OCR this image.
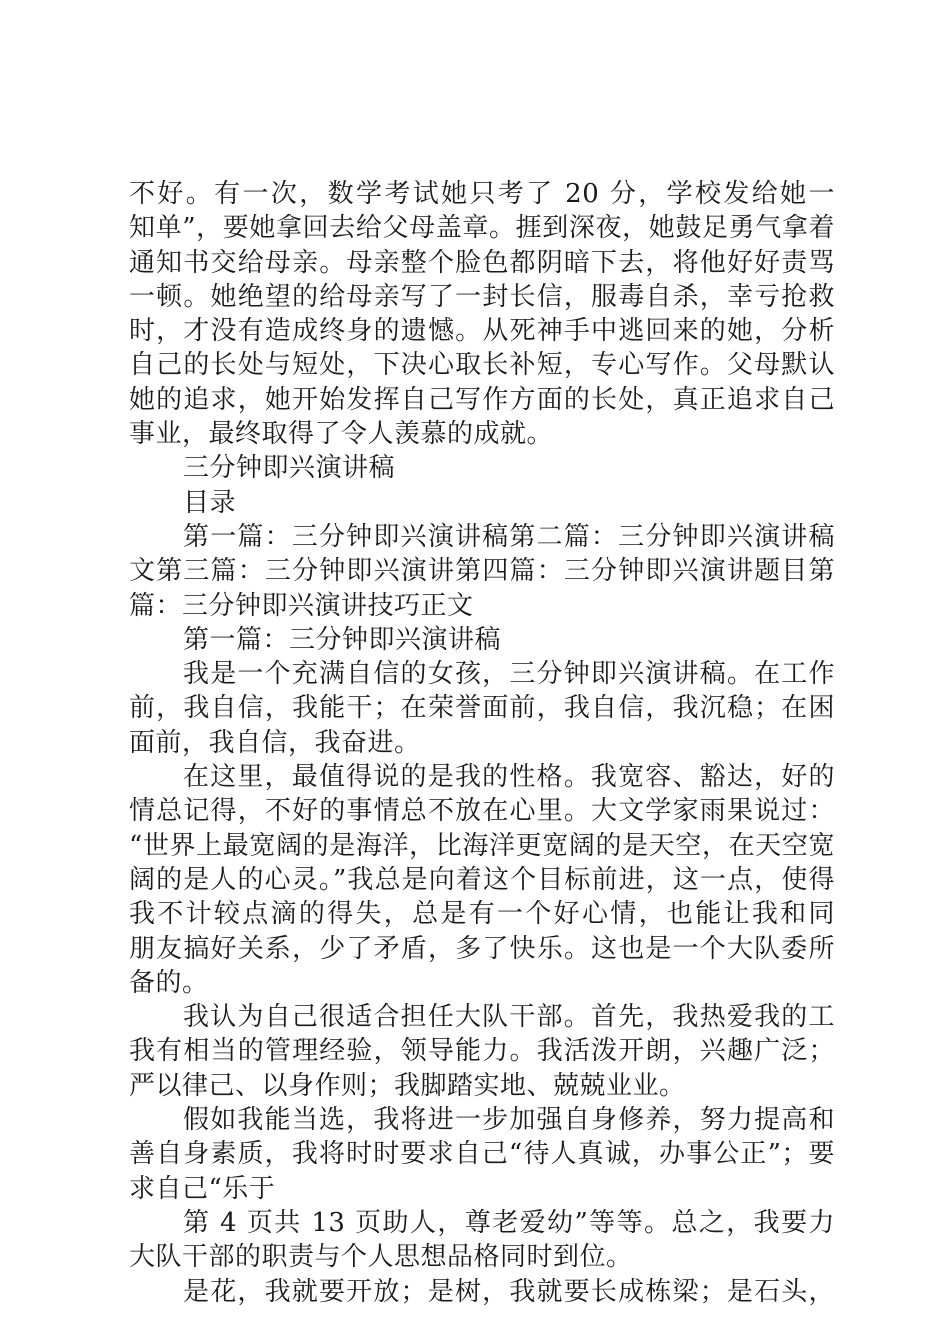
不好。有一次，数学考试她只考了 20 分，学校发给她一
知单”，要她拿回去给父母盖章。捱到深夜，她鼓足勇气拿着
通知书交给母亲。母亲整个脸色都阴暗下去，将他好好责骂
一顿。她绝望的给母亲写了一封长信，服毒自杀，幸亏抢救
时，才没有造成终身的遗憾。从死神手中逃回来的她，分析
自己的长处与短处，下决心取长补短，专心写作。父母默认
她的追求，她开始发挥自己写作方面的长处，真正追求自己
事业，最终取得了令人羡慕的成就。
三分钟即兴演讲稿
目录
第一篇：三分钟即兴演讲稿第二篇：三分钟即兴演讲稿
文第三篇：三分钟即兴演讲第四篇：三分钟即兴演讲题目第
篇：三分钟即兴演讲技巧正文
第一篇：三分钟即兴演讲稿
我是一个充满自信的女孩，三分钟即兴演讲稿。在工作
前，我自信，我能干；在荣誉面前，我自信，我沉稳；在困
面前，我自信，我奋进。
在这里，最值得说的是我的性格。我宽容、豁达，好的
情总记得，不好的事情总不放在心里。大文学家雨果说过：
“世界上最宽阔的是海洋，比海洋更宽阔的是天空，在天空宽
阔的是人的心灵。”我总是向着这个目标前进，这一点，使得
我不计较点滴的得失，总是有一个好心情，也能让我和同
朋友搞好关系，少了矛盾，多了快乐。这也是一个大队委所
备的。
我认为自己很适合担任大队干部。首先，我热爱我的工
我有相当的管理经验，领导能力。我活泼开朗，兴趣广泛；
严以律己、以身作则；我脚踏实地、兢兢业业。
假如我能当选，我将进一步加强自身修养，努力提高和
善自身素质，我将时时要求自己“待人真诚，办事公正”；要
求自己“乐于
第 4 页共 13 页助人，尊老爱幼”等等。总之，我要力
大队干部的职责与个人思想品格同时到位。
是花，我就要开放；是树，我就要长成栋梁；是石头，
